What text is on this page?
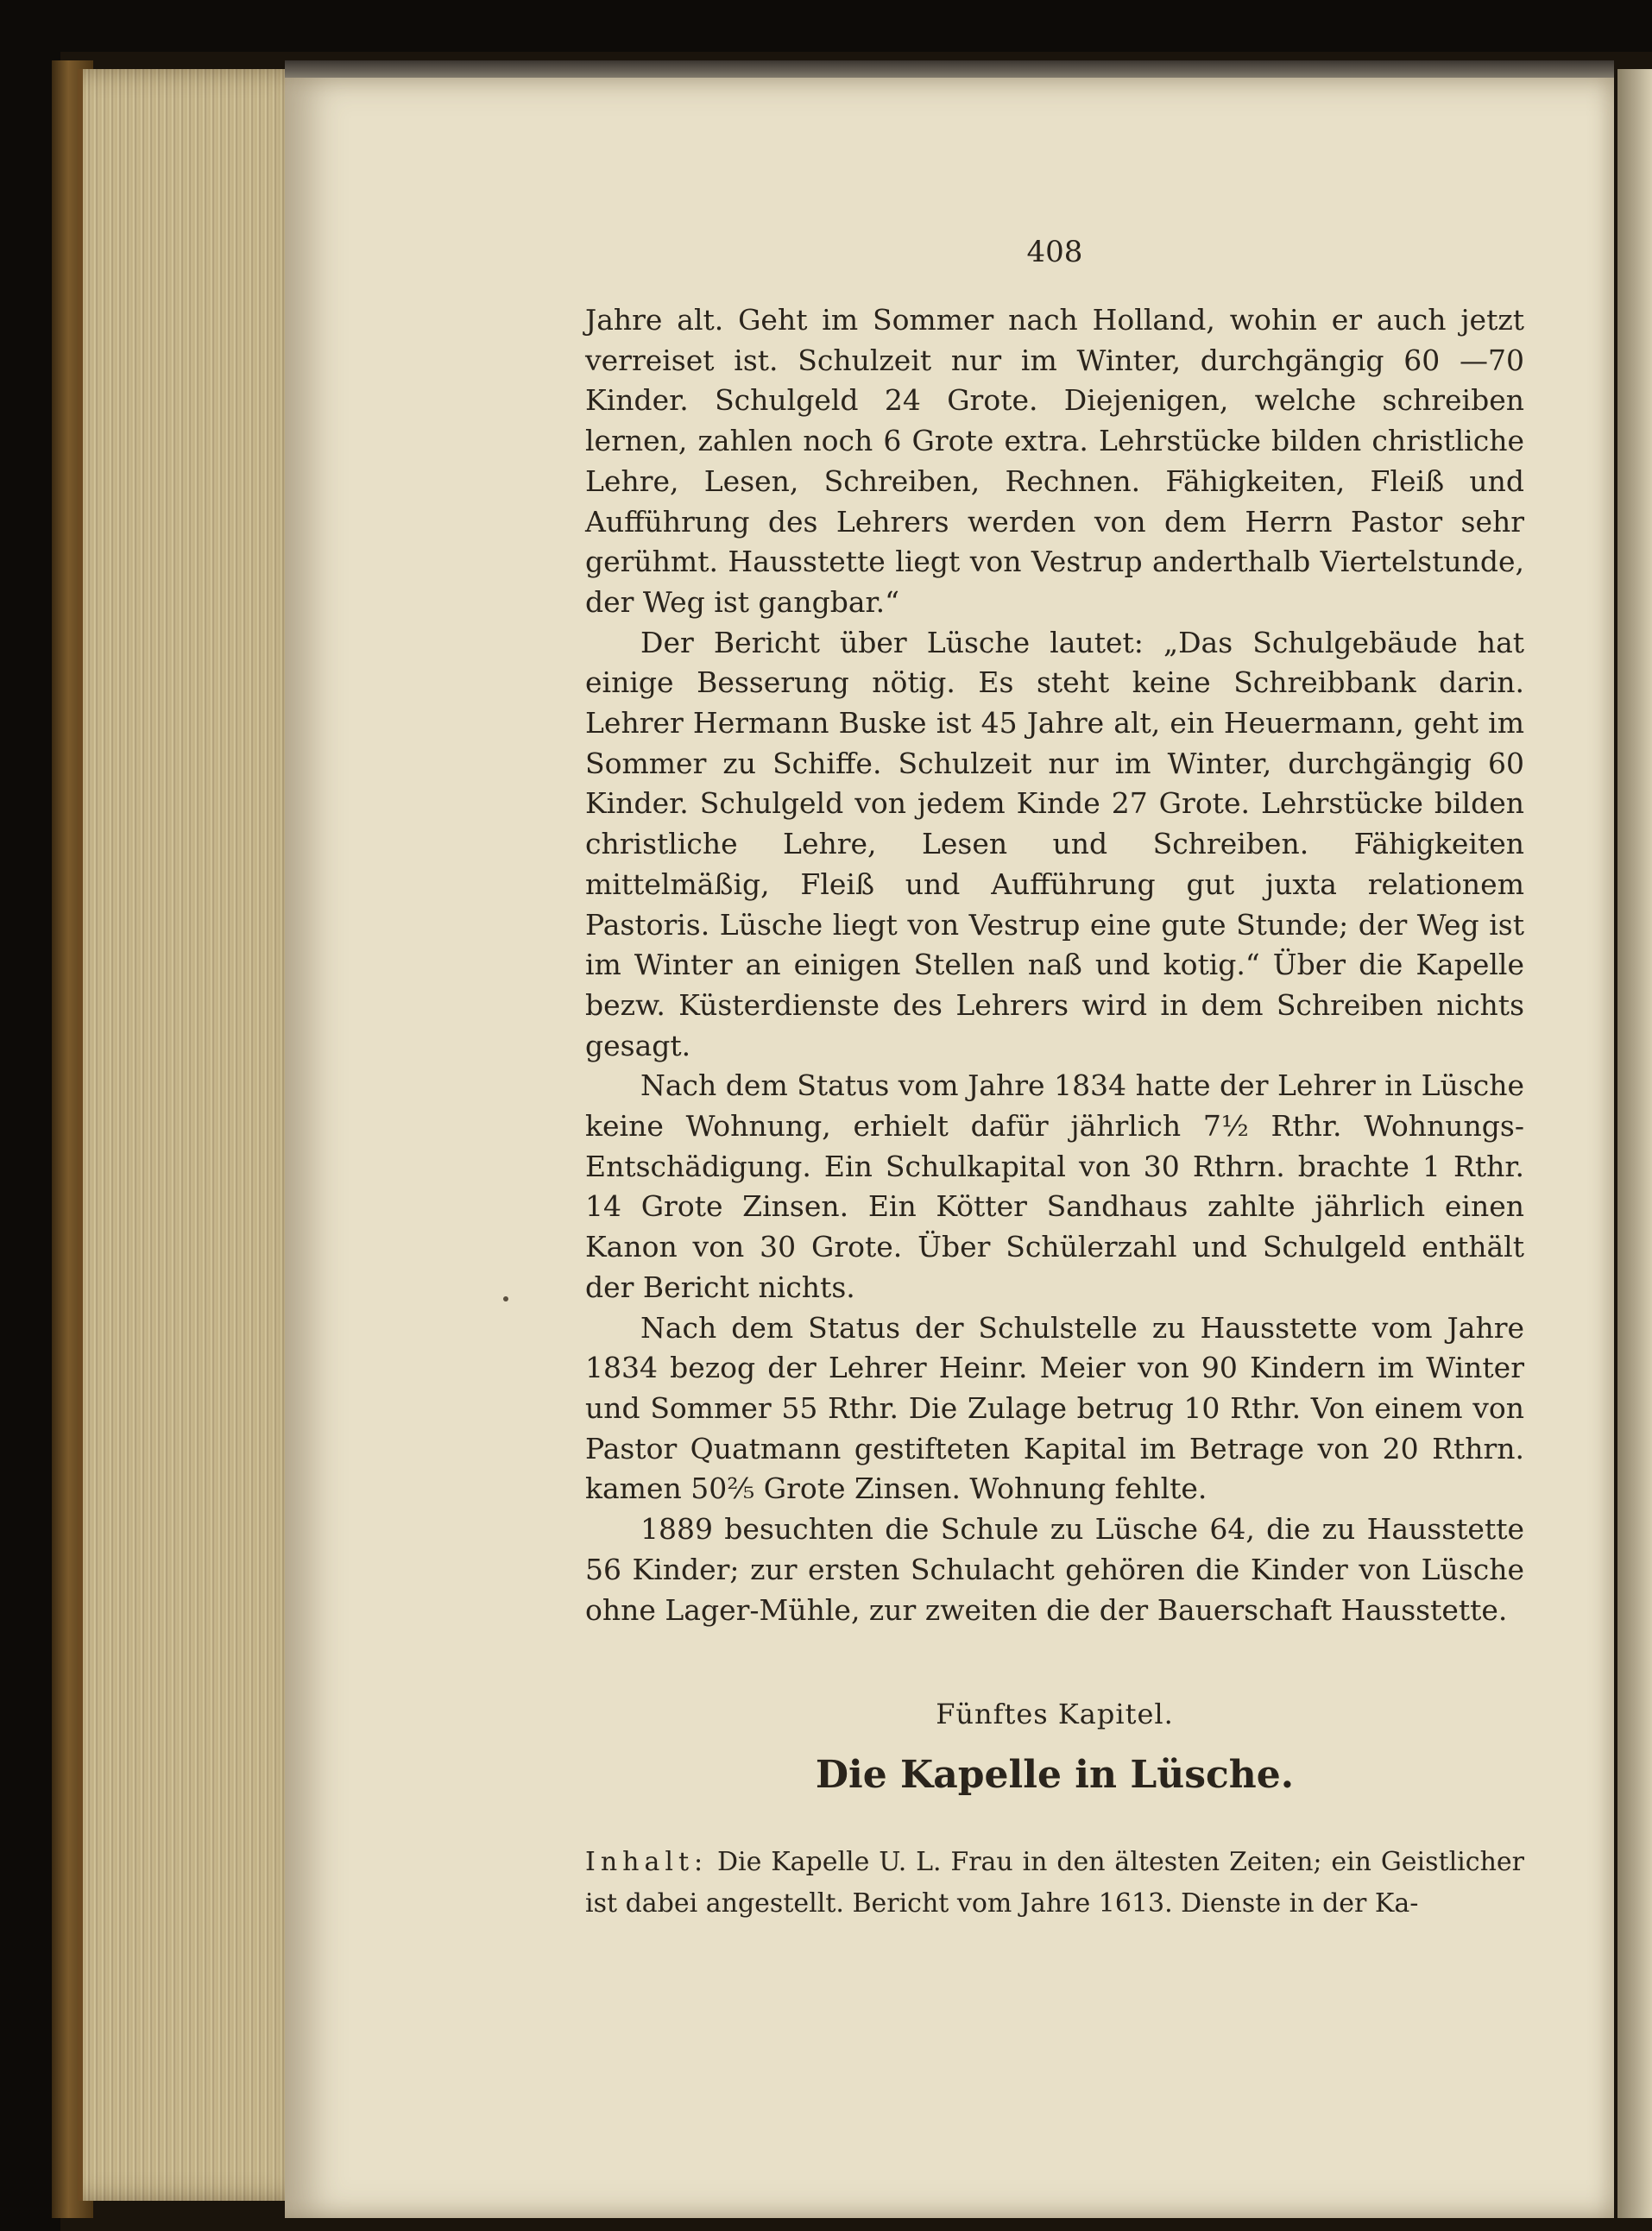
408

Jahre alt. Geht im Sommer nach Holland, wohin er auch jetzt verreiset ist. Schulzeit nur im Winter, durchgängig 60 —70 Kinder. Schulgeld 24 Grote. Diejenigen, welche schreiben lernen, zahlen noch 6 Grote extra. Lehrstücke bilden christliche Lehre, Lesen, Schreiben, Rechnen. Fähigkeiten, Fleiß und Aufführung des Lehrers werden von dem Herrn Pastor sehr gerühmt. Hausstette liegt von Vestrup anderthalb Viertelstunde, der Weg ist gangbar.“

Der Bericht über Lüsche lautet: „Das Schulgebäude hat einige Besserung nötig. Es steht keine Schreibbank darin. Lehrer Hermann Buske ist 45 Jahre alt, ein Heuermann, geht im Sommer zu Schiffe. Schulzeit nur im Winter, durchgängig 60 Kinder. Schulgeld von jedem Kinde 27 Grote. Lehrstücke bilden christliche Lehre, Lesen und Schreiben. Fähigkeiten mittelmäßig, Fleiß und Aufführung gut juxta relationem Pastoris. Lüsche liegt von Vestrup eine gute Stunde; der Weg ist im Winter an einigen Stellen naß und kotig.“ Über die Kapelle bezw. Küsterdienste des Lehrers wird in dem Schreiben nichts gesagt.

Nach dem Status vom Jahre 1834 hatte der Lehrer in Lüsche keine Wohnung, erhielt dafür jährlich 7½ Rthr. Wohnungs-Entschädigung. Ein Schulkapital von 30 Rthrn. brachte 1 Rthr. 14 Grote Zinsen. Ein Kötter Sandhaus zahlte jährlich einen Kanon von 30 Grote. Über Schülerzahl und Schulgeld enthält der Bericht nichts.

Nach dem Status der Schulstelle zu Hausstette vom Jahre 1834 bezog der Lehrer Heinr. Meier von 90 Kindern im Winter und Sommer 55 Rthr. Die Zulage betrug 10 Rthr. Von einem von Pastor Quatmann gestifteten Kapital im Betrage von 20 Rthrn. kamen 50⅖ Grote Zinsen. Wohnung fehlte.

1889 besuchten die Schule zu Lüsche 64, die zu Hausstette 56 Kinder; zur ersten Schulacht gehören die Kinder von Lüsche ohne Lager-Mühle, zur zweiten die der Bauerschaft Hausstette.

Fünftes Kapitel.
Die Kapelle in Lüsche.

Inhalt: Die Kapelle U. L. Frau in den ältesten Zeiten; ein Geistlicher ist dabei angestellt. Bericht vom Jahre 1613. Dienste in der Ka-
